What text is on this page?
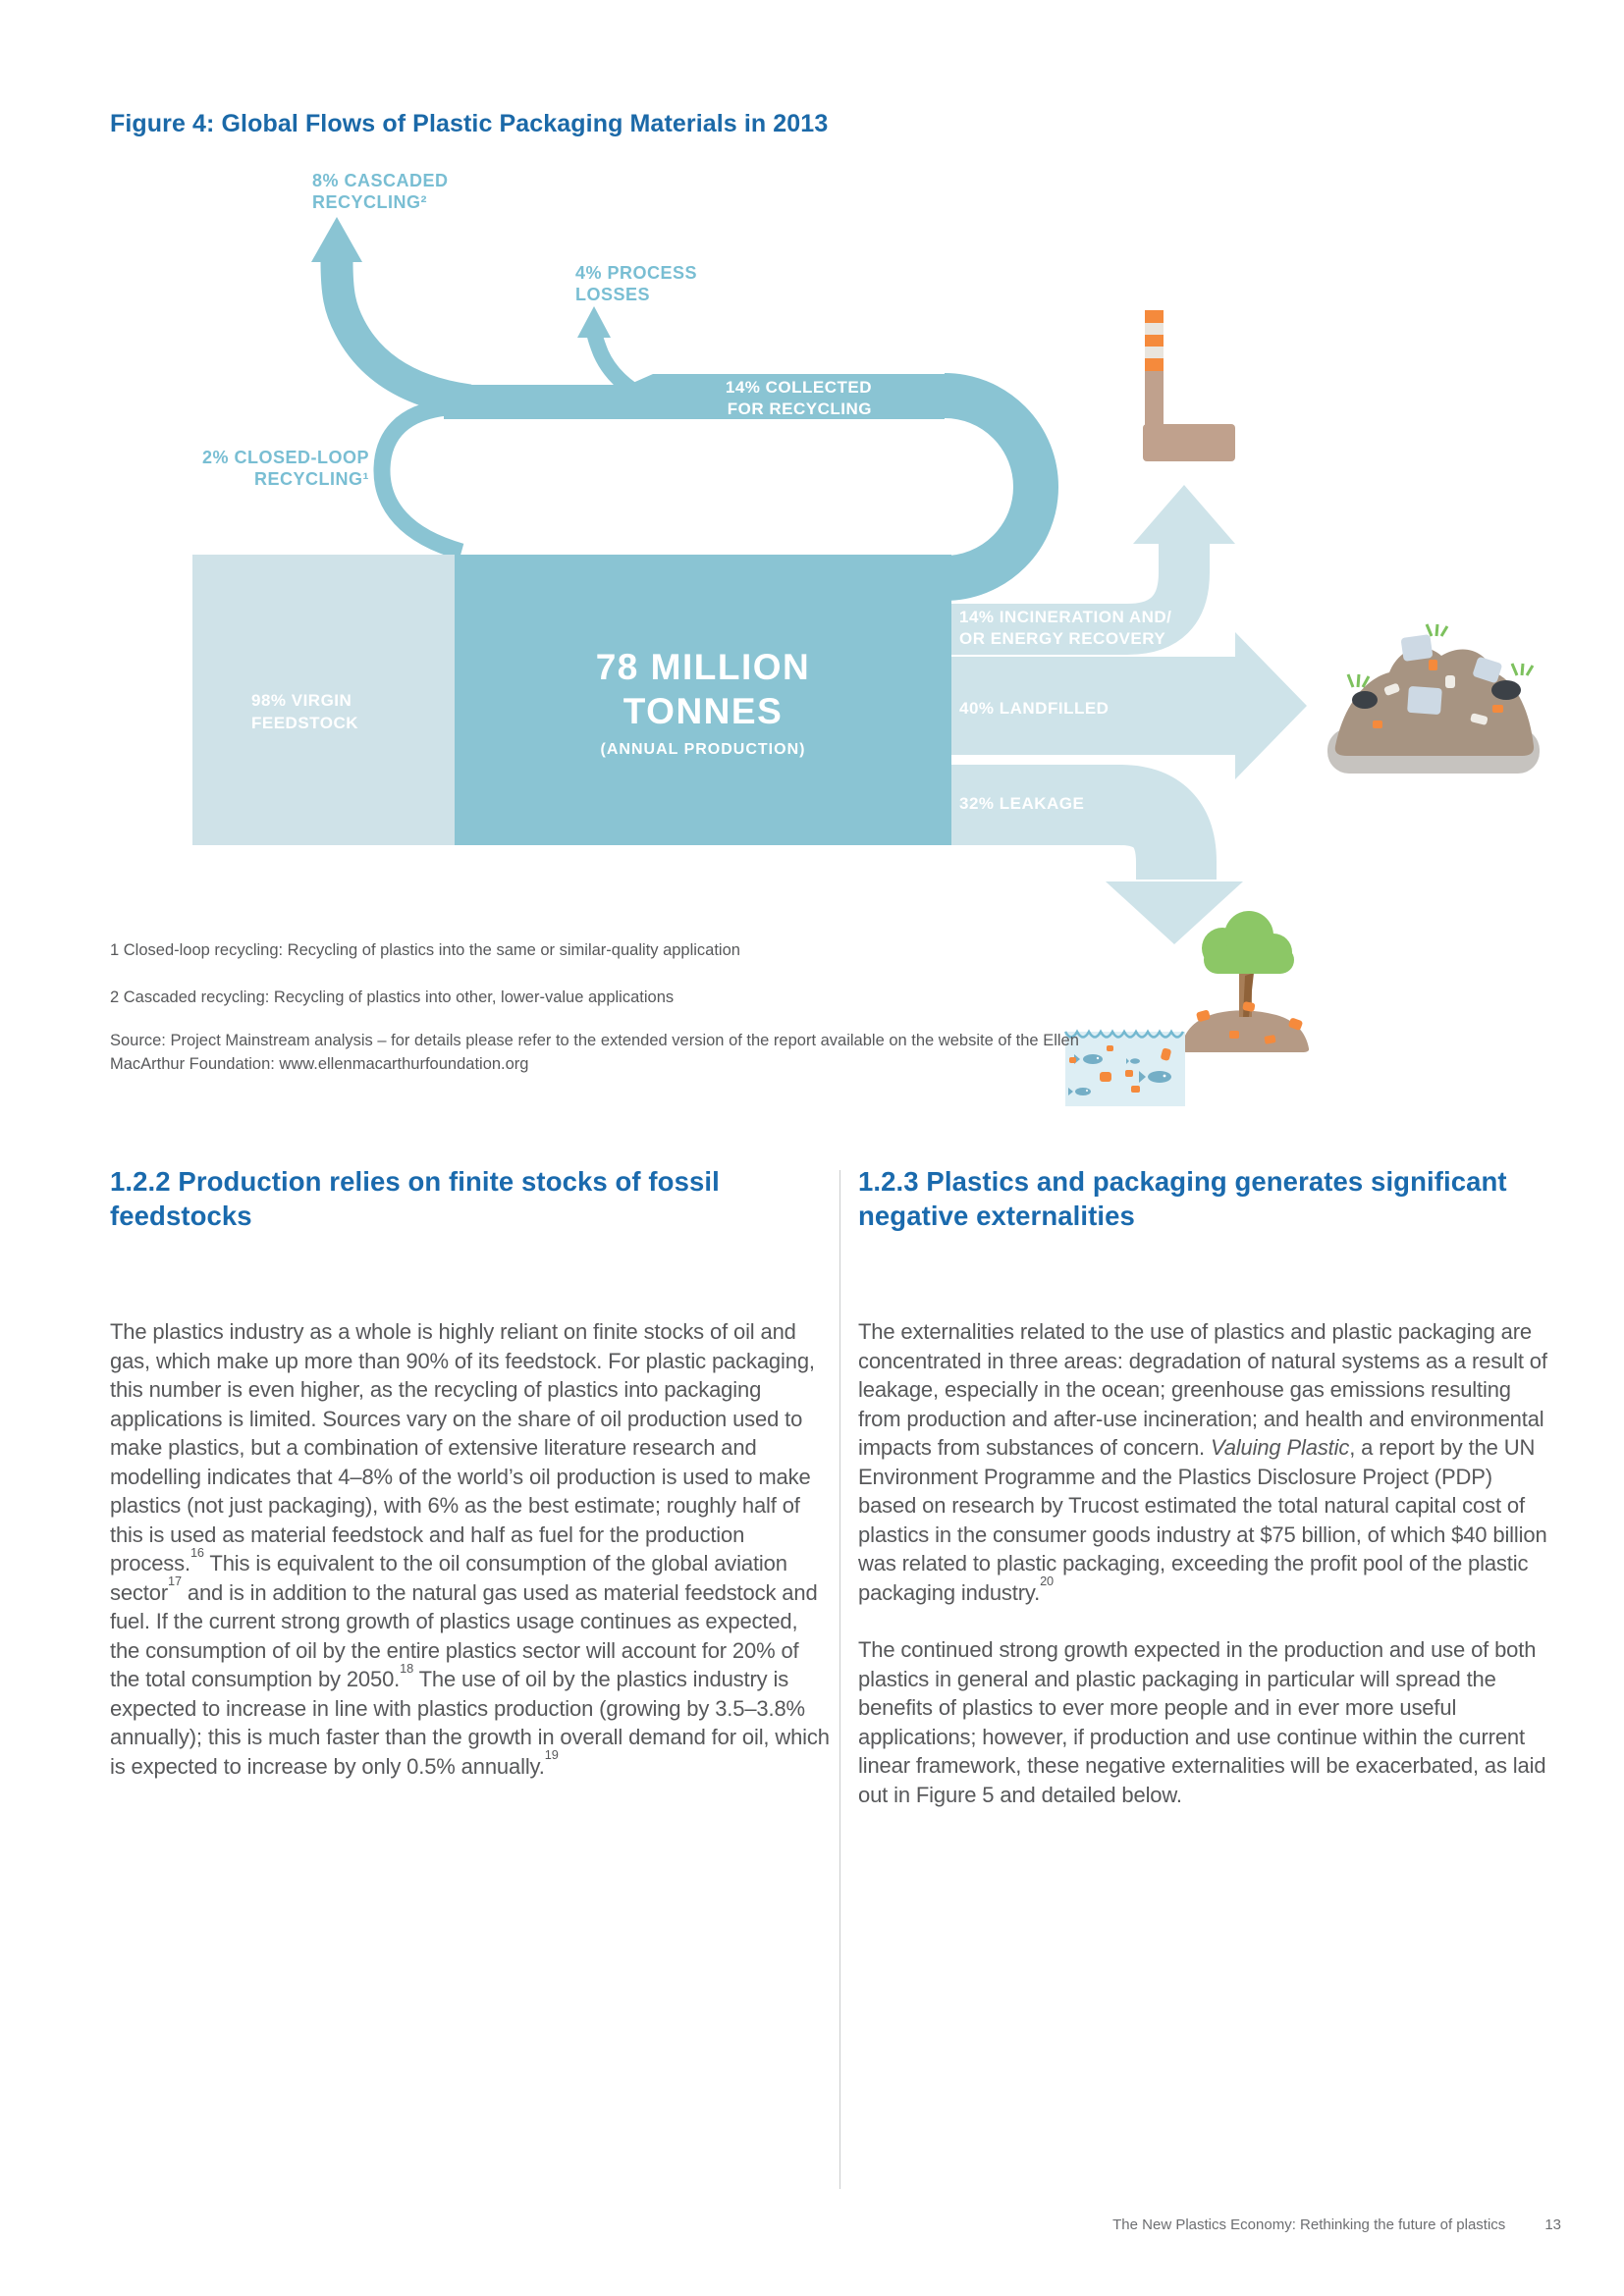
Figure 4: Global Flows of Plastic Packaging Materials in 2013
8% CASCADED
RECYCLING²
4% PROCESS
LOSSES
2% CLOSED-LOOP
RECYCLING¹
14% COLLECTED
FOR RECYCLING
98% VIRGIN
FEEDSTOCK
78 MILLION
TONNES
(ANNUAL PRODUCTION)
14% INCINERATION AND/
OR ENERGY RECOVERY
40% LANDFILLED
32% LEAKAGE
1 Closed-loop recycling: Recycling of plastics into the same or similar-quality application
2 Cascaded recycling: Recycling of plastics into other, lower-value applications
Source: Project Mainstream analysis – for details please refer to the extended version of the report available on the website of the Ellen MacArthur Foundation: www.ellenmacarthurfoundation.org
1.2.2 Production relies on finite stocks of fossil feedstocks

The plastics industry as a whole is highly reliant on finite stocks of oil and gas, which make up more than 90% of its feedstock. For plastic packaging, this number is even higher, as the recycling of plastics into packaging applications is limited. Sources vary on the share of oil production used to make plastics, but a combination of extensive literature research and modelling indicates that 4–8% of the world’s oil production is used to make plastics (not just packaging), with 6% as the best estimate; roughly half of this is used as material feedstock and half as fuel for the production process.$^{16}$ This is equivalent to the oil consumption of the global aviation sector$^{17}$ and is in addition to the natural gas used as material feedstock and fuel. If the current strong growth of plastics usage continues as expected, the consumption of oil by the entire plastics sector will account for 20% of the total consumption by 2050.18 The use of oil by the plastics industry is expected to increase in line with plastics production (growing by 3.5–3.8% annually); this is much faster than the growth in overall demand for oil, which is expected to increase by only 0.5% annually.$^{19}$

1.2.3 Plastics and packaging generates significant negative externalities

The externalities related to the use of plastics and plastic packaging are concentrated in three areas: degradation of natural systems as a result of leakage, especially in the ocean; greenhouse gas emissions resulting from production and after-use incineration; and health and environmental impacts from substances of concern. Valuing Plastic, a report by the UN Environment Programme and the Plastics Disclosure Project (PDP) based on research by Trucost estimated the total natural capital cost of plastics in the consumer goods industry at $75 billion, of which $40 billion was related to plastic packaging, exceeding the profit pool of the plastic packaging industry.$^{20}$

The continued strong growth expected in the production and use of both plastics in general and plastic packaging in particular will spread the benefits of plastics to ever more people and in ever more useful applications; however, if production and use continue within the current linear framework, these negative externalities will be exacerbated, as laid out in Figure 5 and detailed below.

The New Plastics Economy: Rethinking the future of plastics	13
